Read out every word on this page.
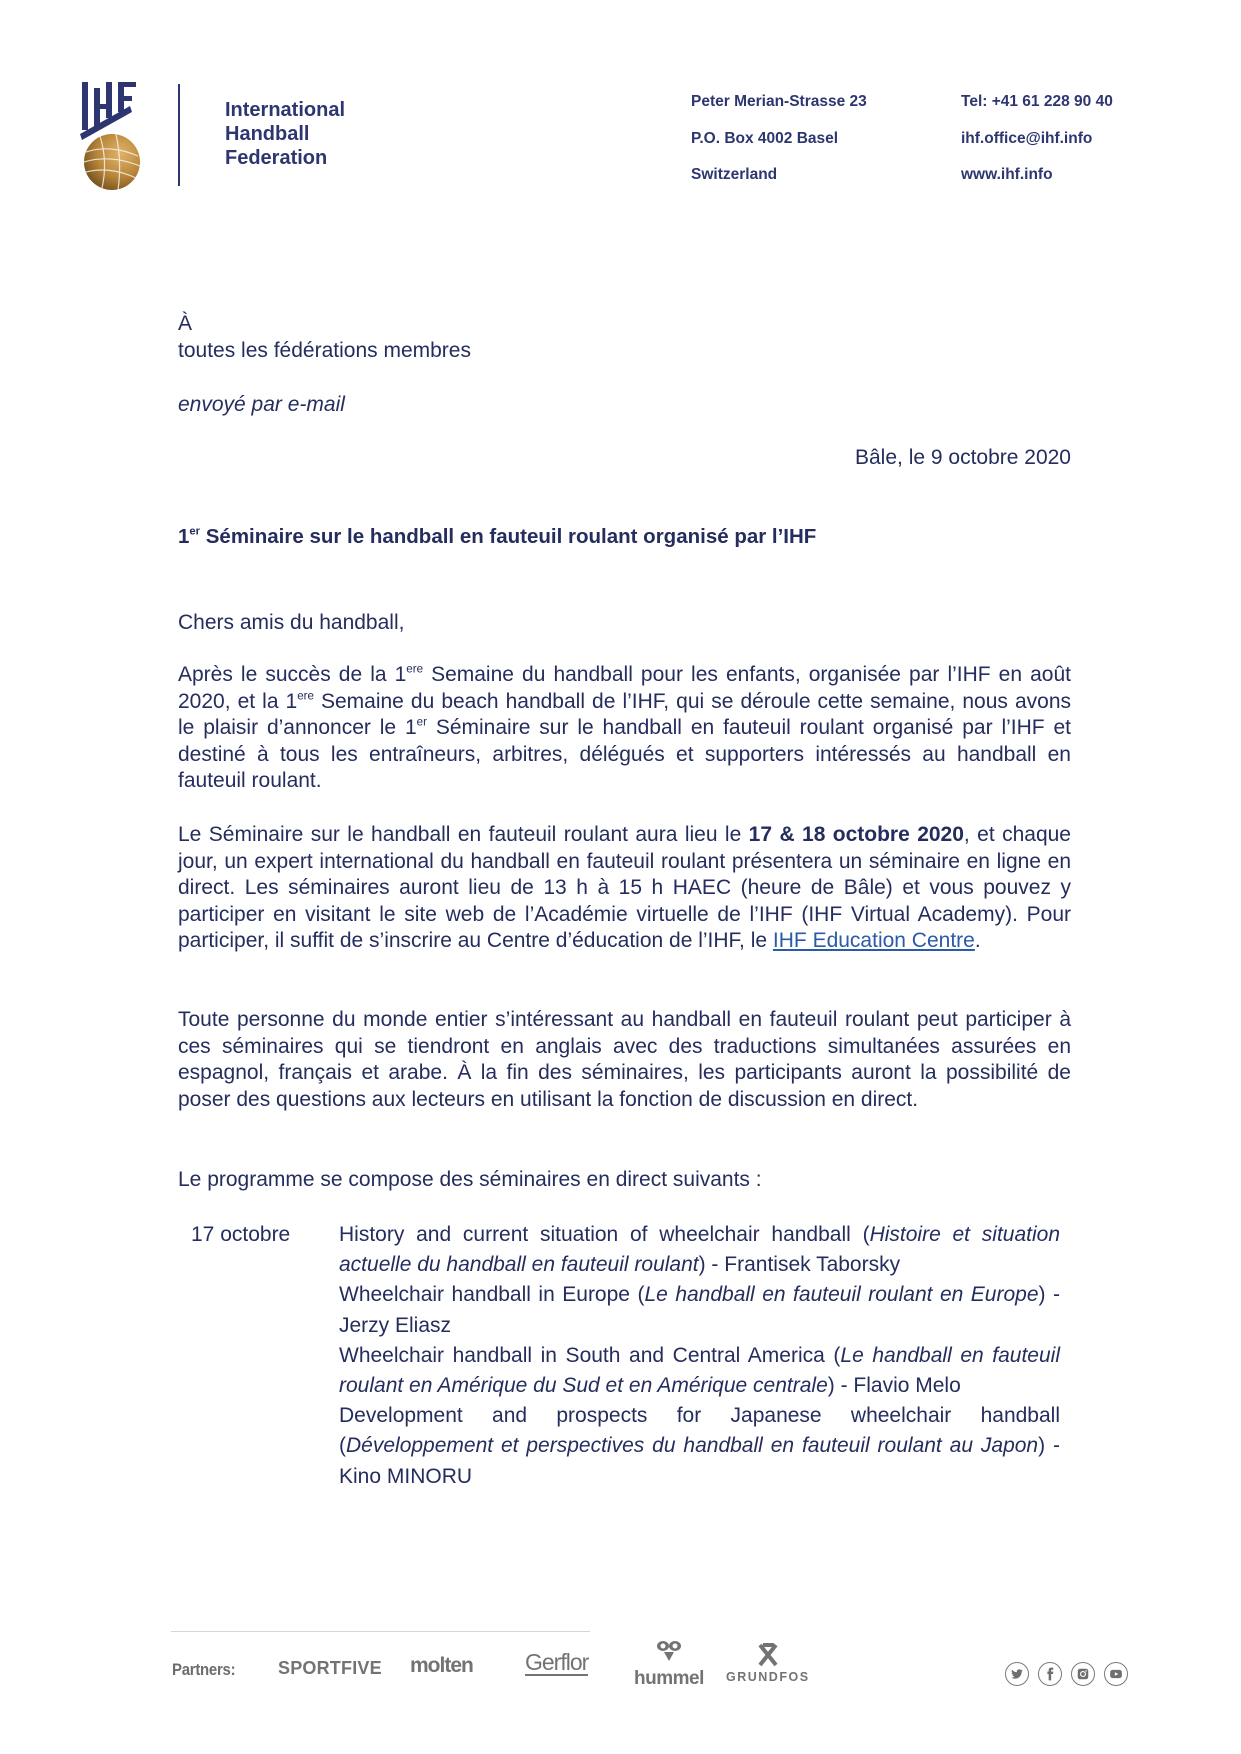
International
Handball
Federation
Peter Merian-Strasse 23
P.O. Box 4002 Basel
Switzerland
Tel: +41 61 228 90 40
ihf.office@ihf.info
www.ihf.info
À
toutes les fédérations membres
envoyé par e-mail
Bâle, le 9 octobre 2020
1er Séminaire sur le handball en fauteuil roulant organisé par l’IHF
Chers amis du handball,
Après le succès de la 1ere Semaine du handball pour les enfants, organisée par l’IHF en août 2020, et la 1ere Semaine du beach handball de l’IHF, qui se déroule cette semaine, nous avons le plaisir d’annoncer le 1er Séminaire sur le handball en fauteuil roulant organisé par l’IHF et destiné à tous les entraîneurs, arbitres, délégués et supporters intéressés au handball en fauteuil roulant.
Le Séminaire sur le handball en fauteuil roulant aura lieu le 17 & 18 octobre 2020, et chaque jour, un expert international du handball en fauteuil roulant présentera un séminaire en ligne en direct. Les séminaires auront lieu de 13 h à 15 h HAEC (heure de Bâle) et vous pouvez y participer en visitant le site web de l’Académie virtuelle de l’IHF (IHF Virtual Academy). Pour participer, il suffit de s’inscrire au Centre d’éducation de l’IHF, le IHF Education Centre.
Toute personne du monde entier s’intéressant au handball en fauteuil roulant peut participer à ces séminaires qui se tiendront en anglais avec des traductions simultanées assurées en espagnol, français et arabe. À la fin des séminaires, les participants auront la possibilité de poser des questions aux lecteurs en utilisant la fonction de discussion en direct.
Le programme se compose des séminaires en direct suivants :
17 octobre History and current situation of wheelchair handball (Histoire et situation actuelle du handball en fauteuil roulant) - Frantisek Taborsky

Wheelchair handball in Europe (Le handball en fauteuil roulant en Europe) - Jerzy Eliasz

Wheelchair handball in South and Central America (Le handball en fauteuil roulant en Amérique du Sud et en Amérique centrale) - Flavio Melo

Development and prospects for Japanese wheelchair handball (Développement et perspectives du handball en fauteuil roulant au Japon) - Kino MINORU

Partners: SPORTFIVE molten Gerflor
hummel GRUNDFOS
